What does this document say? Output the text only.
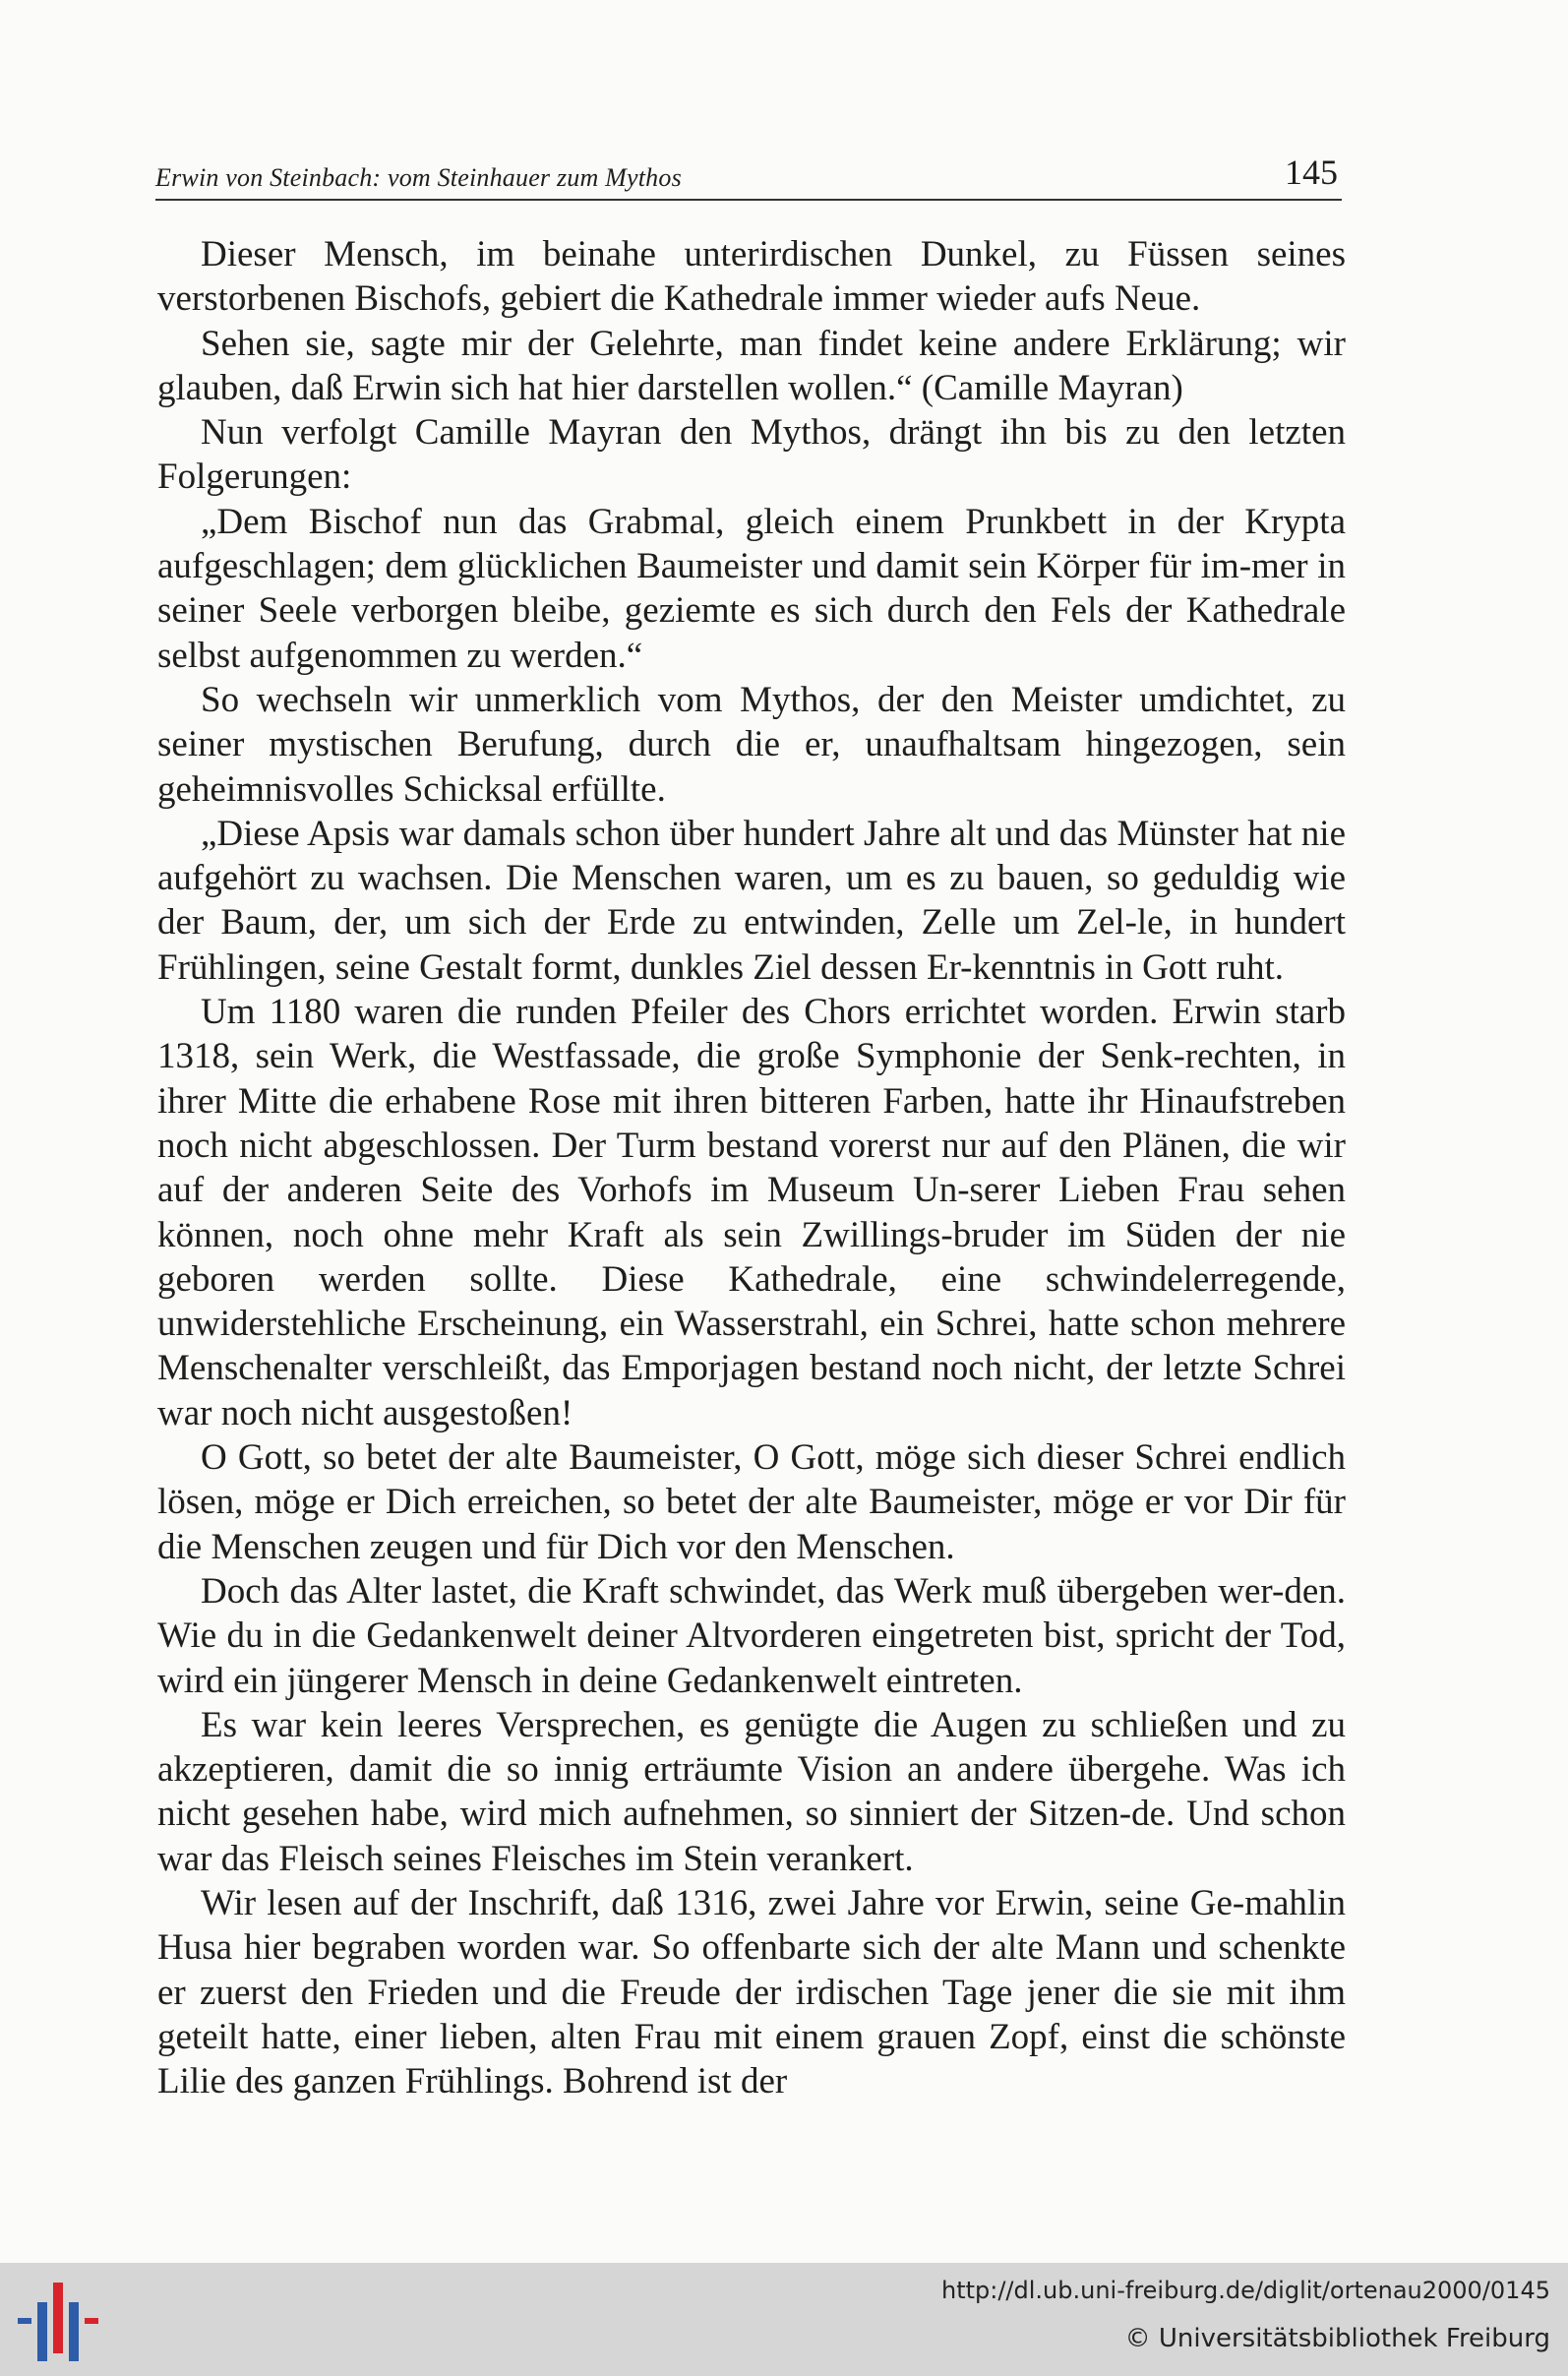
Erwin von Steinbach: vom Steinhauer zum Mythos	145

Dieser Mensch, im beinahe unterirdischen Dunkel, zu Füssen seines verstorbenen Bischofs, gebiert die Kathedrale immer wieder aufs Neue.

Sehen sie, sagte mir der Gelehrte, man findet keine andere Erklärung; wir glauben, daß Erwin sich hat hier darstellen wollen.“ (Camille Mayran)

Nun verfolgt Camille Mayran den Mythos, drängt ihn bis zu den letzten Folgerungen:

„Dem Bischof nun das Grabmal, gleich einem Prunkbett in der Krypta aufgeschlagen; dem glücklichen Baumeister und damit sein Körper für im-mer in seiner Seele verborgen bleibe, geziemte es sich durch den Fels der Kathedrale selbst aufgenommen zu werden.“

So wechseln wir unmerklich vom Mythos, der den Meister umdichtet, zu seiner mystischen Berufung, durch die er, unaufhaltsam hingezogen, sein geheimnisvolles Schicksal erfüllte.

„Diese Apsis war damals schon über hundert Jahre alt und das Münster hat nie aufgehört zu wachsen. Die Menschen waren, um es zu bauen, so geduldig wie der Baum, der, um sich der Erde zu entwinden, Zelle um Zel-le, in hundert Frühlingen, seine Gestalt formt, dunkles Ziel dessen Er-kenntnis in Gott ruht.

Um 1180 waren die runden Pfeiler des Chors errichtet worden. Erwin starb 1318, sein Werk, die Westfassade, die große Symphonie der Senk-rechten, in ihrer Mitte die erhabene Rose mit ihren bitteren Farben, hatte ihr Hinaufstreben noch nicht abgeschlossen. Der Turm bestand vorerst nur auf den Plänen, die wir auf der anderen Seite des Vorhofs im Museum Un-serer Lieben Frau sehen können, noch ohne mehr Kraft als sein Zwillings-bruder im Süden der nie geboren werden sollte. Diese Kathedrale, eine schwindelerregende, unwiderstehliche Erscheinung, ein Wasserstrahl, ein Schrei, hatte schon mehrere Menschenalter verschleißt, das Emporjagen bestand noch nicht, der letzte Schrei war noch nicht ausgestoßen!

O Gott, so betet der alte Baumeister, O Gott, möge sich dieser Schrei endlich lösen, möge er Dich erreichen, so betet der alte Baumeister, möge er vor Dir für die Menschen zeugen und für Dich vor den Menschen.

Doch das Alter lastet, die Kraft schwindet, das Werk muß übergeben wer-den. Wie du in die Gedankenwelt deiner Altvorderen eingetreten bist, spricht der Tod, wird ein jüngerer Mensch in deine Gedankenwelt eintreten.

Es war kein leeres Versprechen, es genügte die Augen zu schließen und zu akzeptieren, damit die so innig erträumte Vision an andere übergehe. Was ich nicht gesehen habe, wird mich aufnehmen, so sinniert der Sitzen-de. Und schon war das Fleisch seines Fleisches im Stein verankert.

Wir lesen auf der Inschrift, daß 1316, zwei Jahre vor Erwin, seine Ge-mahlin Husa hier begraben worden war. So offenbarte sich der alte Mann und schenkte er zuerst den Frieden und die Freude der irdischen Tage jener die sie mit ihm geteilt hatte, einer lieben, alten Frau mit einem grauen Zopf, einst die schönste Lilie des ganzen Frühlings. Bohrend ist der

http://dl.ub.uni-freiburg.de/diglit/ortenau2000/0145
© Universitätsbibliothek Freiburg
